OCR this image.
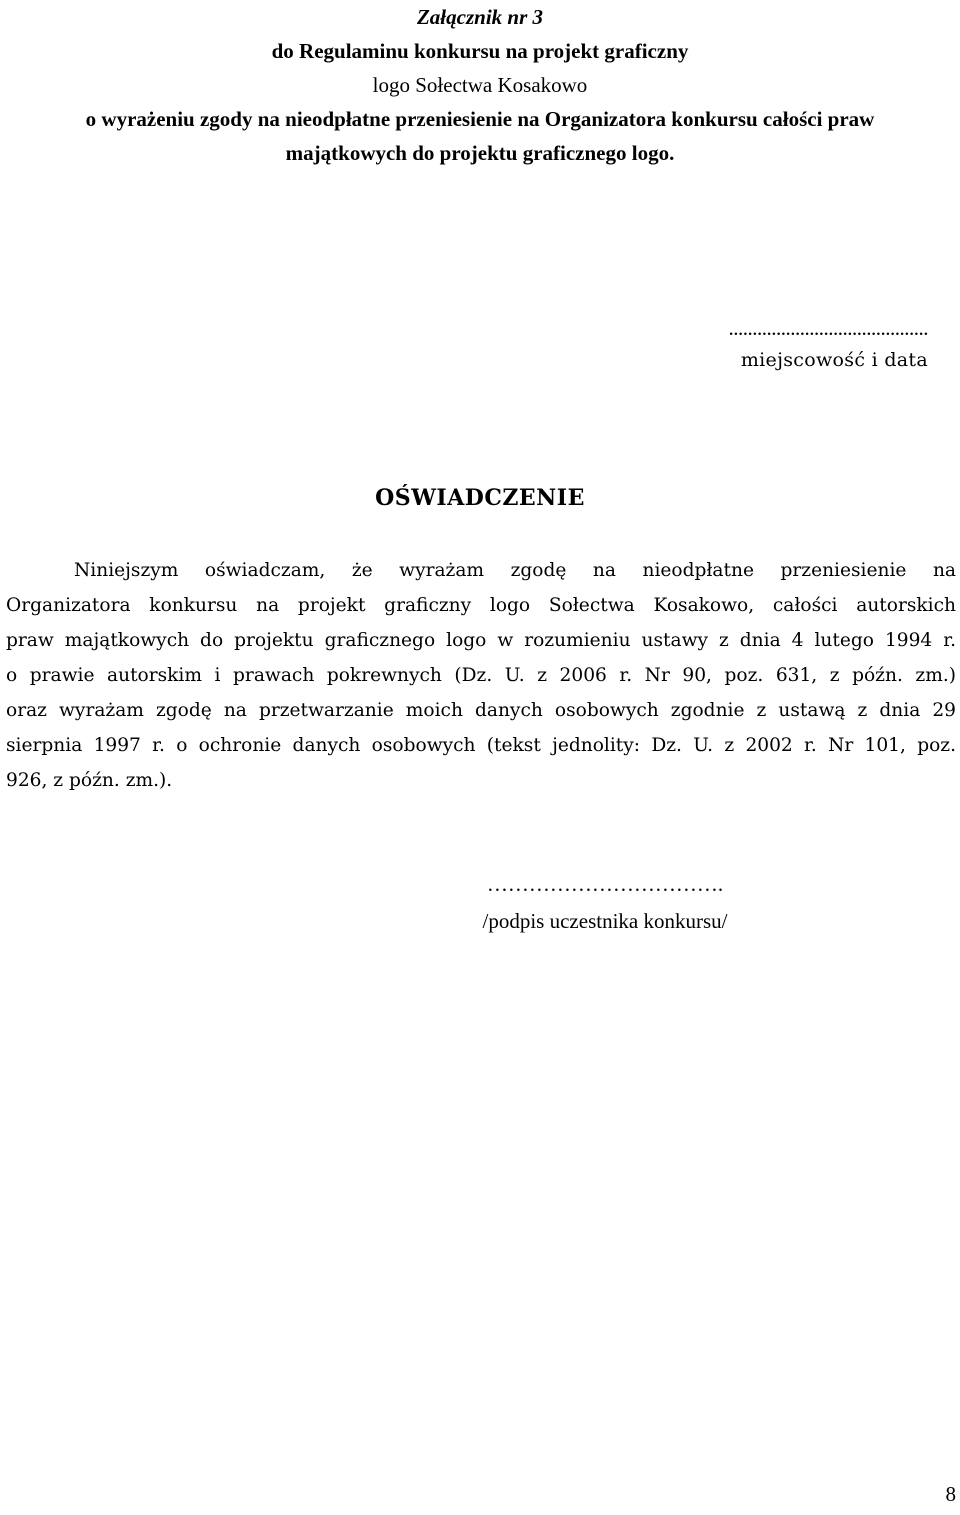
Załącznik nr 3
do Regulaminu konkursu na projekt graficzny
logo Sołectwa Kosakowo
o wyrażeniu zgody na nieodpłatne przeniesienie na Organizatora konkursu całości praw
majątkowych do projektu graficznego logo.
..........................................
miejscowość i data
OŚWIADCZENIE
Niniejszym oświadczam, że wyrażam zgodę na nieodpłatne przeniesienie na
Organizatora konkursu na projekt graficzny logo Sołectwa Kosakowo, całości autorskich
praw majątkowych do projektu graficznego logo w rozumieniu ustawy z dnia 4 lutego 1994 r.
o prawie autorskim i prawach pokrewnych (Dz. U. z 2006 r. Nr 90, poz. 631, z późn. zm.)
oraz wyrażam zgodę na przetwarzanie moich danych osobowych zgodnie z ustawą z dnia 29
sierpnia 1997 r. o ochronie danych osobowych (tekst jednolity: Dz. U. z 2002 r. Nr 101, poz.
926, z późn. zm.).
…………………………….
/podpis uczestnika konkursu/
8
